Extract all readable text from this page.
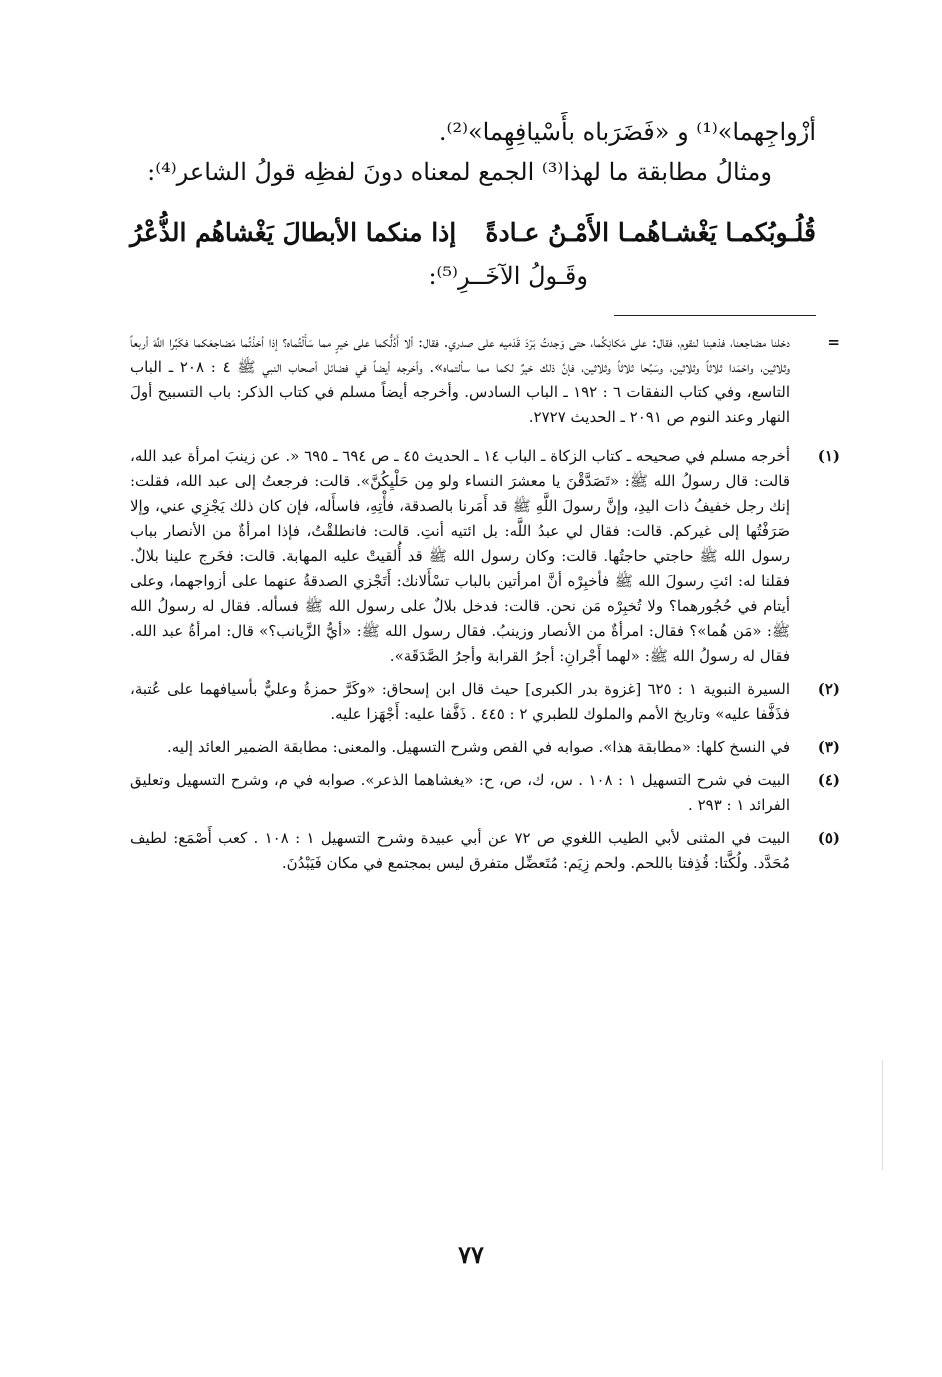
أزْواجِهما»⁽¹⁾ و «فَضَرَباه بأَسْيافِهِما»⁽²⁾.
ومثالُ مطابقة ما لهذا⁽³⁾ الجمع لمعناه دونَ لفظِه قولُ الشاعر⁽⁴⁾:
قُلُـوبُكمـا يَغْشـاهُمـا الأَمْـنُ عـادةً
إذا منكما الأبطالَ يَغْشاهُم الذُّعْرُ
وقَـولُ الآخَــرِ⁽⁵⁾:
=
دخلنا مضاجعنا، فذهبنا لنقوم، فقال: على مَكانِكُما، حتى وَجدتُ بَرْدَ قَدَميه على صدري. فقال: ألا أَدُلُّكما على خيرٍ مما سَأَلْتُماه؟ إذا أخذْتُما مَضاجعَكما فكَبِّرا اللَّهَ أربعاً وثلاثين، واحْمَدا ثلاثاً وثلاثين، وسَبِّحا ثلاثاً وثلاثين، فإنَّ ذلك خيرٌ لكما مما سألتماه». وأخرجه أيضاً في فضائل أصحاب النبي ﷺ ٤ : ٢٠٨ ـ الباب التاسع، وفي كتاب النفقات ٦ : ١٩٢ ـ الباب السادس. وأخرجه أيضاً مسلم في كتاب الذكر: باب التسبيح أولَ النهار وعند النوم ص ٢٠٩١ ـ الحديث ٢٧٢٧.
(١)
أخرجه مسلم في صحيحه ـ كتاب الزكاة ـ الباب ١٤ ـ الحديث ٤٥ ـ ص ٦٩٤ ـ ٦٩٥ «. عن زينبَ امرأة عبد الله، قالت: قال رسولُ الله ﷺ: «تَصَدَّقْنَ يا معشرَ النساء ولو مِن حَلْيِكُنَّ». قالت: فرجعتُ إلى عبد الله، فقلت: إنك رجل خفيفُ ذات اليدِ، وإنَّ رسولَ اللَّهِ ﷺ قد أَمَرنا بالصدقة، فأْتِهِ، فاسأَله، فإن كان ذلك يَجْزِي عني، وإلا صَرَفْتُها إلى غيركم. قالت: فقال لي عبدُ اللَّه: بل ائتيه أنتِ. قالت: فانطلقْتُ، فإذا امرأةٌ من الأنصار بباب رسول الله ﷺ حاجتي حاجتُها. قالت: وكان رسول الله ﷺ قد أُلقيتْ عليه المهابة. قالت: فخَرج علينا بلالٌ. فقلنا له: ائتِ رسولَ الله ﷺ فأخبِرْه أنَّ امرأتين بالباب تسْأَلانك: أَتَجْزي الصدقةُ عنهما على أزواجهما، وعلى أيتام في حُجُورهما؟ ولا تُخبِرْه مَن نحن. قالت: فدخل بلالٌ على رسول الله ﷺ فسأله. فقال له رسولُ الله ﷺ: «مَن هُما»؟ فقال: امرأةٌ من الأنصار وزينبُ. فقال رسول الله ﷺ: «أيُّ الزَّيانب؟» قال: امرأةُ عبد الله. فقال له رسولُ الله ﷺ: «لهما أَجْرانِ: أجرُ القرابة وأجرُ الصَّدَقَة».
(٢)
السيرة النبوية ١ : ٦٢٥ [غزوة بدر الكبرى] حيث قال ابن إسحاق: «وكَرَّ حمزةُ وعليٌّ بأسيافهما على عُتبة، فذَفَّفا عليه» وتاريخ الأمم والملوك للطبري ٢ : ٤٤٥ . ذَفَّفا عليه: أَجْهَزا عليه.
(٣)
في النسخ كلها: «مطابقة هذا». صوابه في الفص وشرح التسهيل. والمعنى: مطابقة الضمير العائد إليه.
(٤)
البيت في شرح التسهيل ١ : ١٠٨ . س، ك، ص، ح: «يغشاهما الذعر». صوابه في م، وشرح التسهيل وتعليق الفرائد ١ : ٢٩٣ .
(٥)
البيت في المثنى لأبي الطيب اللغوي ص ٧٢ عن أبي عبيدة وشرح التسهيل ١ : ١٠٨ . كعب أَصْمَع: لطيف مُحَدَّد. ولُكَّتا: قُذِفتا باللحم. ولحم زِيَم: مُتَعضِّل متفرق ليس بمجتمع في مكان فَيَبْدُنَ.
٧٧
